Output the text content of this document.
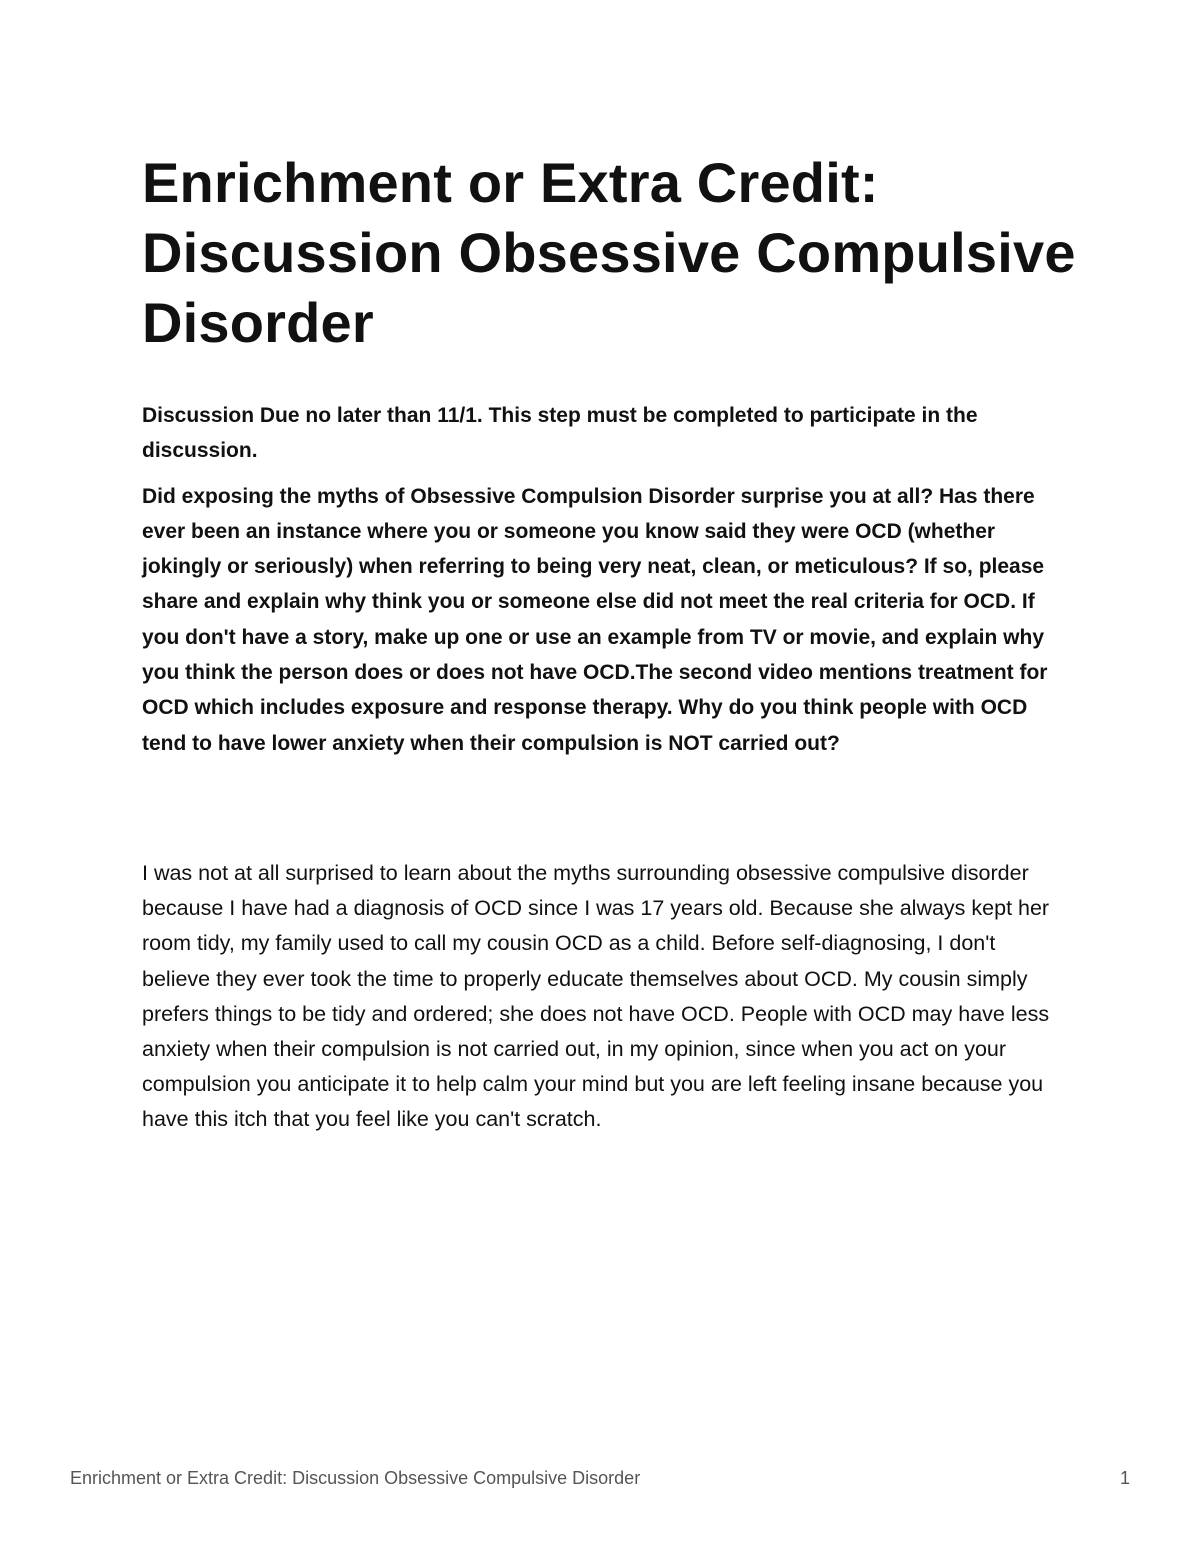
Enrichment or Extra Credit: Discussion Obsessive Compulsive Disorder

Discussion Due no later than 11/1. This step must be completed to participate in the discussion.

Did exposing the myths of Obsessive Compulsion Disorder surprise you at all? Has there ever been an instance where you or someone you know said they were OCD (whether jokingly or seriously) when referring to being very neat, clean, or meticulous? If so, please share and explain why think you or someone else did not meet the real criteria for OCD. If you don't have a story, make up one or use an example from TV or movie, and explain why you think the person does or does not have OCD.The second video mentions treatment for OCD which includes exposure and response therapy. Why do you think people with OCD tend to have lower anxiety when their compulsion is NOT carried out?

I was not at all surprised to learn about the myths surrounding obsessive compulsive disorder because I have had a diagnosis of OCD since I was 17 years old. Because she always kept her room tidy, my family used to call my cousin OCD as a child. Before self-diagnosing, I don't believe they ever took the time to properly educate themselves about OCD. My cousin simply prefers things to be tidy and ordered; she does not have OCD. People with OCD may have less anxiety when their compulsion is not carried out, in my opinion, since when you act on your compulsion you anticipate it to help calm your mind but you are left feeling insane because you have this itch that you feel like you can't scratch.

Enrichment or Extra Credit: Discussion Obsessive Compulsive Disorder	1
